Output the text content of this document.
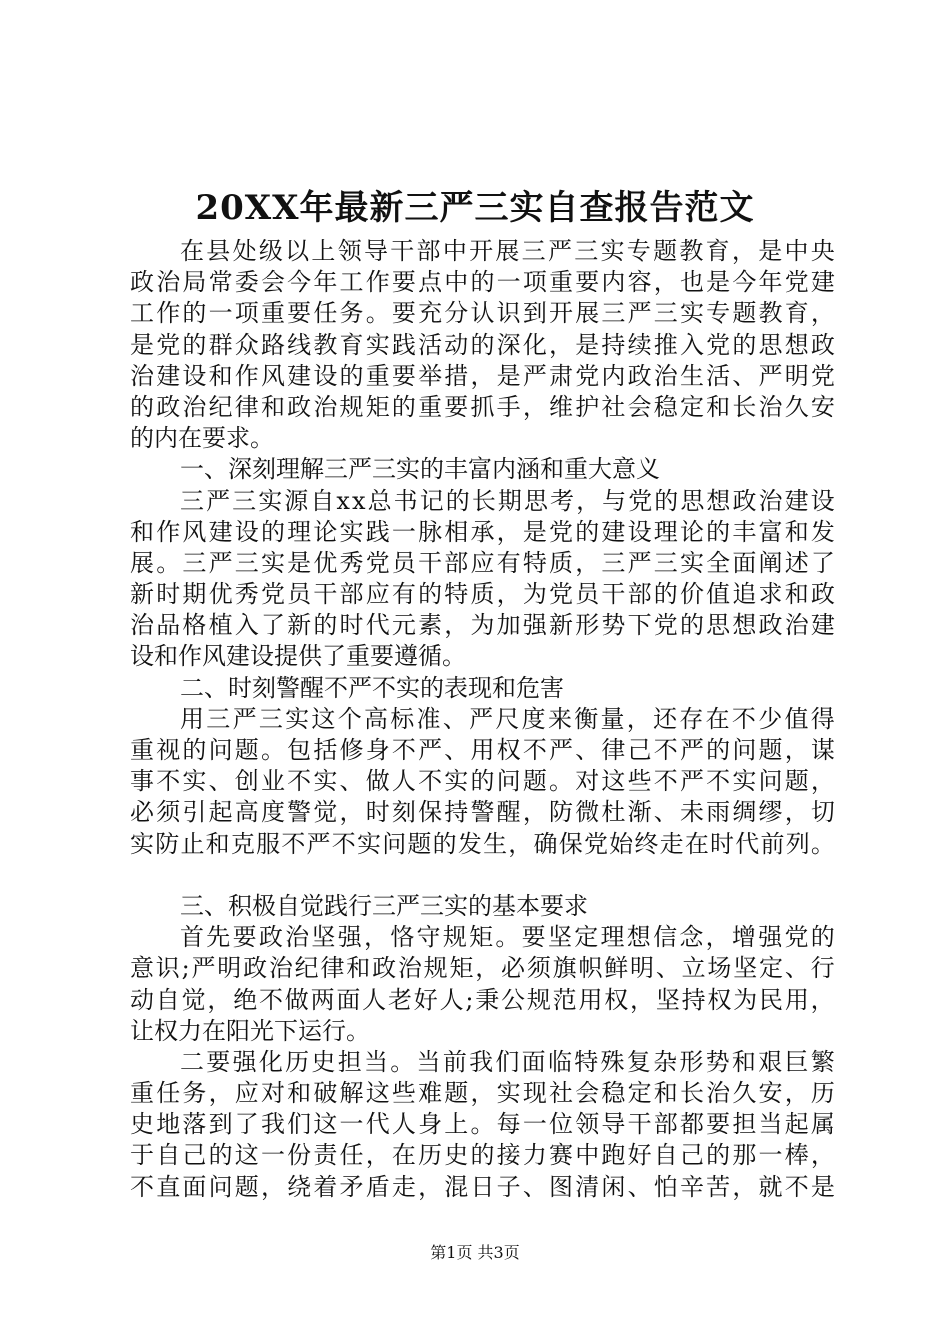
20XX年最新三严三实自查报告范文
在 县 处 级 以 上 领 导 干 部 中 开 展 三 严 三 实 专 题 教 育 ， 是 中 央
政 治 局 常 委 会 今 年 工 作 要 点 中 的 一 项 重 要 内 容 ， 也 是 今 年 党 建
工 作 的 一 项 重 要 任 务 。 要 充 分 认 识 到 开 展 三 严 三 实 专 题 教 育 ，
是 党 的 群 众 路 线 教 育 实 践 活 动 的 深 化 ， 是 持 续 推 入 党 的 思 想 政
治 建 设 和 作 风 建 设 的 重 要 举 措 ， 是 严 肃 党 内 政 治 生 活 、 严 明 党
的 政 治 纪 律 和 政 治 规 矩 的 重 要 抓 手 ， 维 护 社 会 稳 定 和 长 治 久 安
的内在要求。
一、深刻理解三严三实的丰富内涵和重大意义
三 严 三 实 源 自 x x 总 书 记 的 长 期 思 考 ， 与 党 的 思 想 政 治 建 设
和 作 风 建 设 的 理 论 实 践 一 脉 相 承 ， 是 党 的 建 设 理 论 的 丰 富 和 发
展 。 三 严 三 实 是 优 秀 党 员 干 部 应 有 特 质 ， 三 严 三 实 全 面 阐 述 了
新 时 期 优 秀 党 员 干 部 应 有 的 特 质 ， 为 党 员 干 部 的 价 值 追 求 和 政
治 品 格 植 入 了 新 的 时 代 元 素 ， 为 加 强 新 形 势 下 党 的 思 想 政 治 建
设和作风建设提供了重要遵循。
二、时刻警醒不严不实的表现和危害
用 三 严 三 实 这 个 高 标 准 、 严 尺 度 来 衡 量 ， 还 存 在 不 少 值 得
重 视 的 问 题 。 包 括 修 身 不 严 、 用 权 不 严 、 律 己 不 严 的 问 题 ， 谋
事 不 实 、 创 业 不 实 、 做 人 不 实 的 问 题 。 对 这 些 不 严 不 实 问 题 ，
必 须 引 起 高 度 警 觉 ， 时 刻 保 持 警 醒 ， 防 微 杜 渐 、 未 雨 绸 缪 ， 切
实 防 止 和 克 服 不 严 不 实 问 题 的 发 生 ， 确 保 党 始 终 走 在 时 代 前 列 。
三、积极自觉践行三严三实的基本要求
首 先 要 政 治 坚 强 ， 恪 守 规 矩 。 要 坚 定 理 想 信 念 ， 增 强 党 的
意 识 ; 严 明 政 治 纪 律 和 政 治 规 矩 ， 必 须 旗 帜 鲜 明 、 立 场 坚 定 、 行
动 自 觉 ， 绝 不 做 两 面 人 老 好 人 ; 秉 公 规 范 用 权 ， 坚 持 权 为 民 用 ，
让权力在阳光下运行。
二 要 强 化 历 史 担 当 。 当 前 我 们 面 临 特 殊 复 杂 形 势 和 艰 巨 繁
重 任 务 ， 应 对 和 破 解 这 些 难 题 ， 实 现 社 会 稳 定 和 长 治 久 安 ， 历
史 地 落 到 了 我 们 这 一 代 人 身 上 。 每 一 位 领 导 干 部 都 要 担 当 起 属
于 自 己 的 这 一 份 责 任 ， 在 历 史 的 接 力 赛 中 跑 好 自 己 的 那 一 棒 ，
不 直 面 问 题 ， 绕 着 矛 盾 走 ， 混 日 子 、 图 清 闲 、 怕 辛 苦 ， 就 不 是
第1页 共3页
